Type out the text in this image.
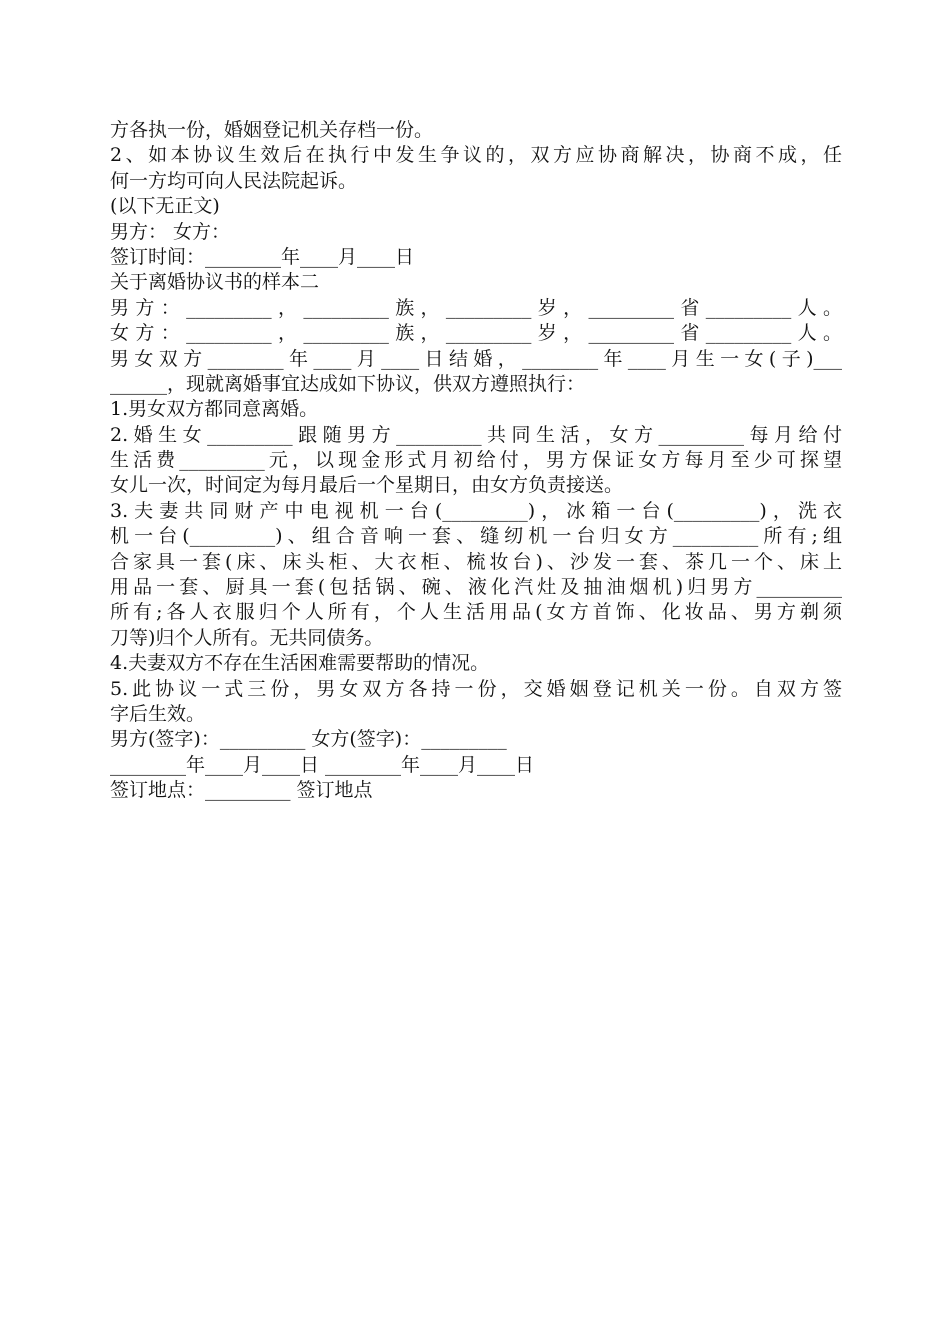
方各执一份，婚姻登记机关存档一份。
2、如本协议生效后在执行中发生争议的，双方应协商解决，协商不成，任
何一方均可向人民法院起诉。
(以下无正文)
男方： 女方：
签订时间：________年____月____日
关于离婚协议书的样本二
男方：_________，_________族，_________岁，_________省_________人。
女方：_________，_________族，_________岁，_________省_________人。
男女双方________年____月____日结婚，________年____月生一女(子)___
______，现就离婚事宜达成如下协议，供双方遵照执行：
1.男女双方都同意离婚。
2.婚生女_________跟随男方_________共同生活，女方_________每月给付
生活费_________元，以现金形式月初给付，男方保证女方每月至少可探望
女儿一次，时间定为每月最后一个星期日，由女方负责接送。
3.夫妻共同财产中电视机一台(_________)，冰箱一台(_________)，洗衣
机一台(_________)、组合音响一套、缝纫机一台归女方_________所有;组
合家具一套(床、床头柜、大衣柜、梳妆台)、沙发一套、茶几一个、床上
用品一套、厨具一套(包括锅、碗、液化汽灶及抽油烟机)归男方_________
所有;各人衣服归个人所有，个人生活用品(女方首饰、化妆品、男方剃须
刀等)归个人所有。无共同债务。
4.夫妻双方不存在生活困难需要帮助的情况。
5.此协议一式三份，男女双方各持一份，交婚姻登记机关一份。自双方签
字后生效。
男方(签字)：_________ 女方(签字)：_________
________年____月____日 ________年____月____日
签订地点：_________ 签订地点
